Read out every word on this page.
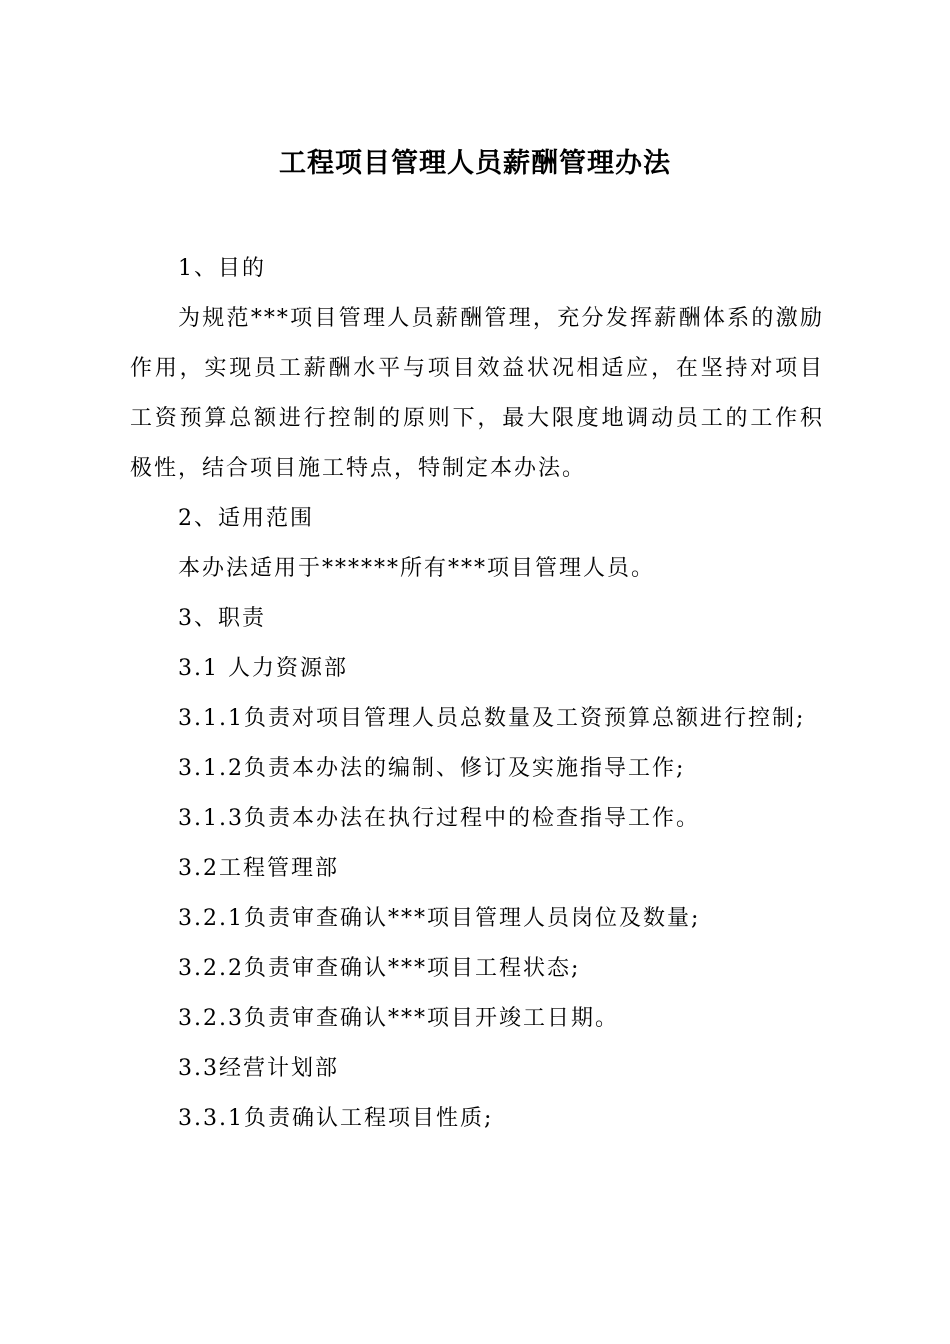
工程项目管理人员薪酬管理办法

1、目的

为规范***项目管理人员薪酬管理，充分发挥薪酬体系的激励作用，实现员工薪酬水平与项目效益状况相适应，在坚持对项目工资预算总额进行控制的原则下，最大限度地调动员工的工作积极性，结合项目施工特点，特制定本办法。

2、适用范围

本办法适用于******所有***项目管理人员。

3、职责

3.1 人力资源部

3.1.1负责对项目管理人员总数量及工资预算总额进行控制;

3.1.2负责本办法的编制、修订及实施指导工作;

3.1.3负责本办法在执行过程中的检查指导工作。

3.2工程管理部

3.2.1负责审查确认***项目管理人员岗位及数量;

3.2.2负责审查确认***项目工程状态;

3.2.3负责审查确认***项目开竣工日期。

3.3经营计划部

3.3.1负责确认工程项目性质;
